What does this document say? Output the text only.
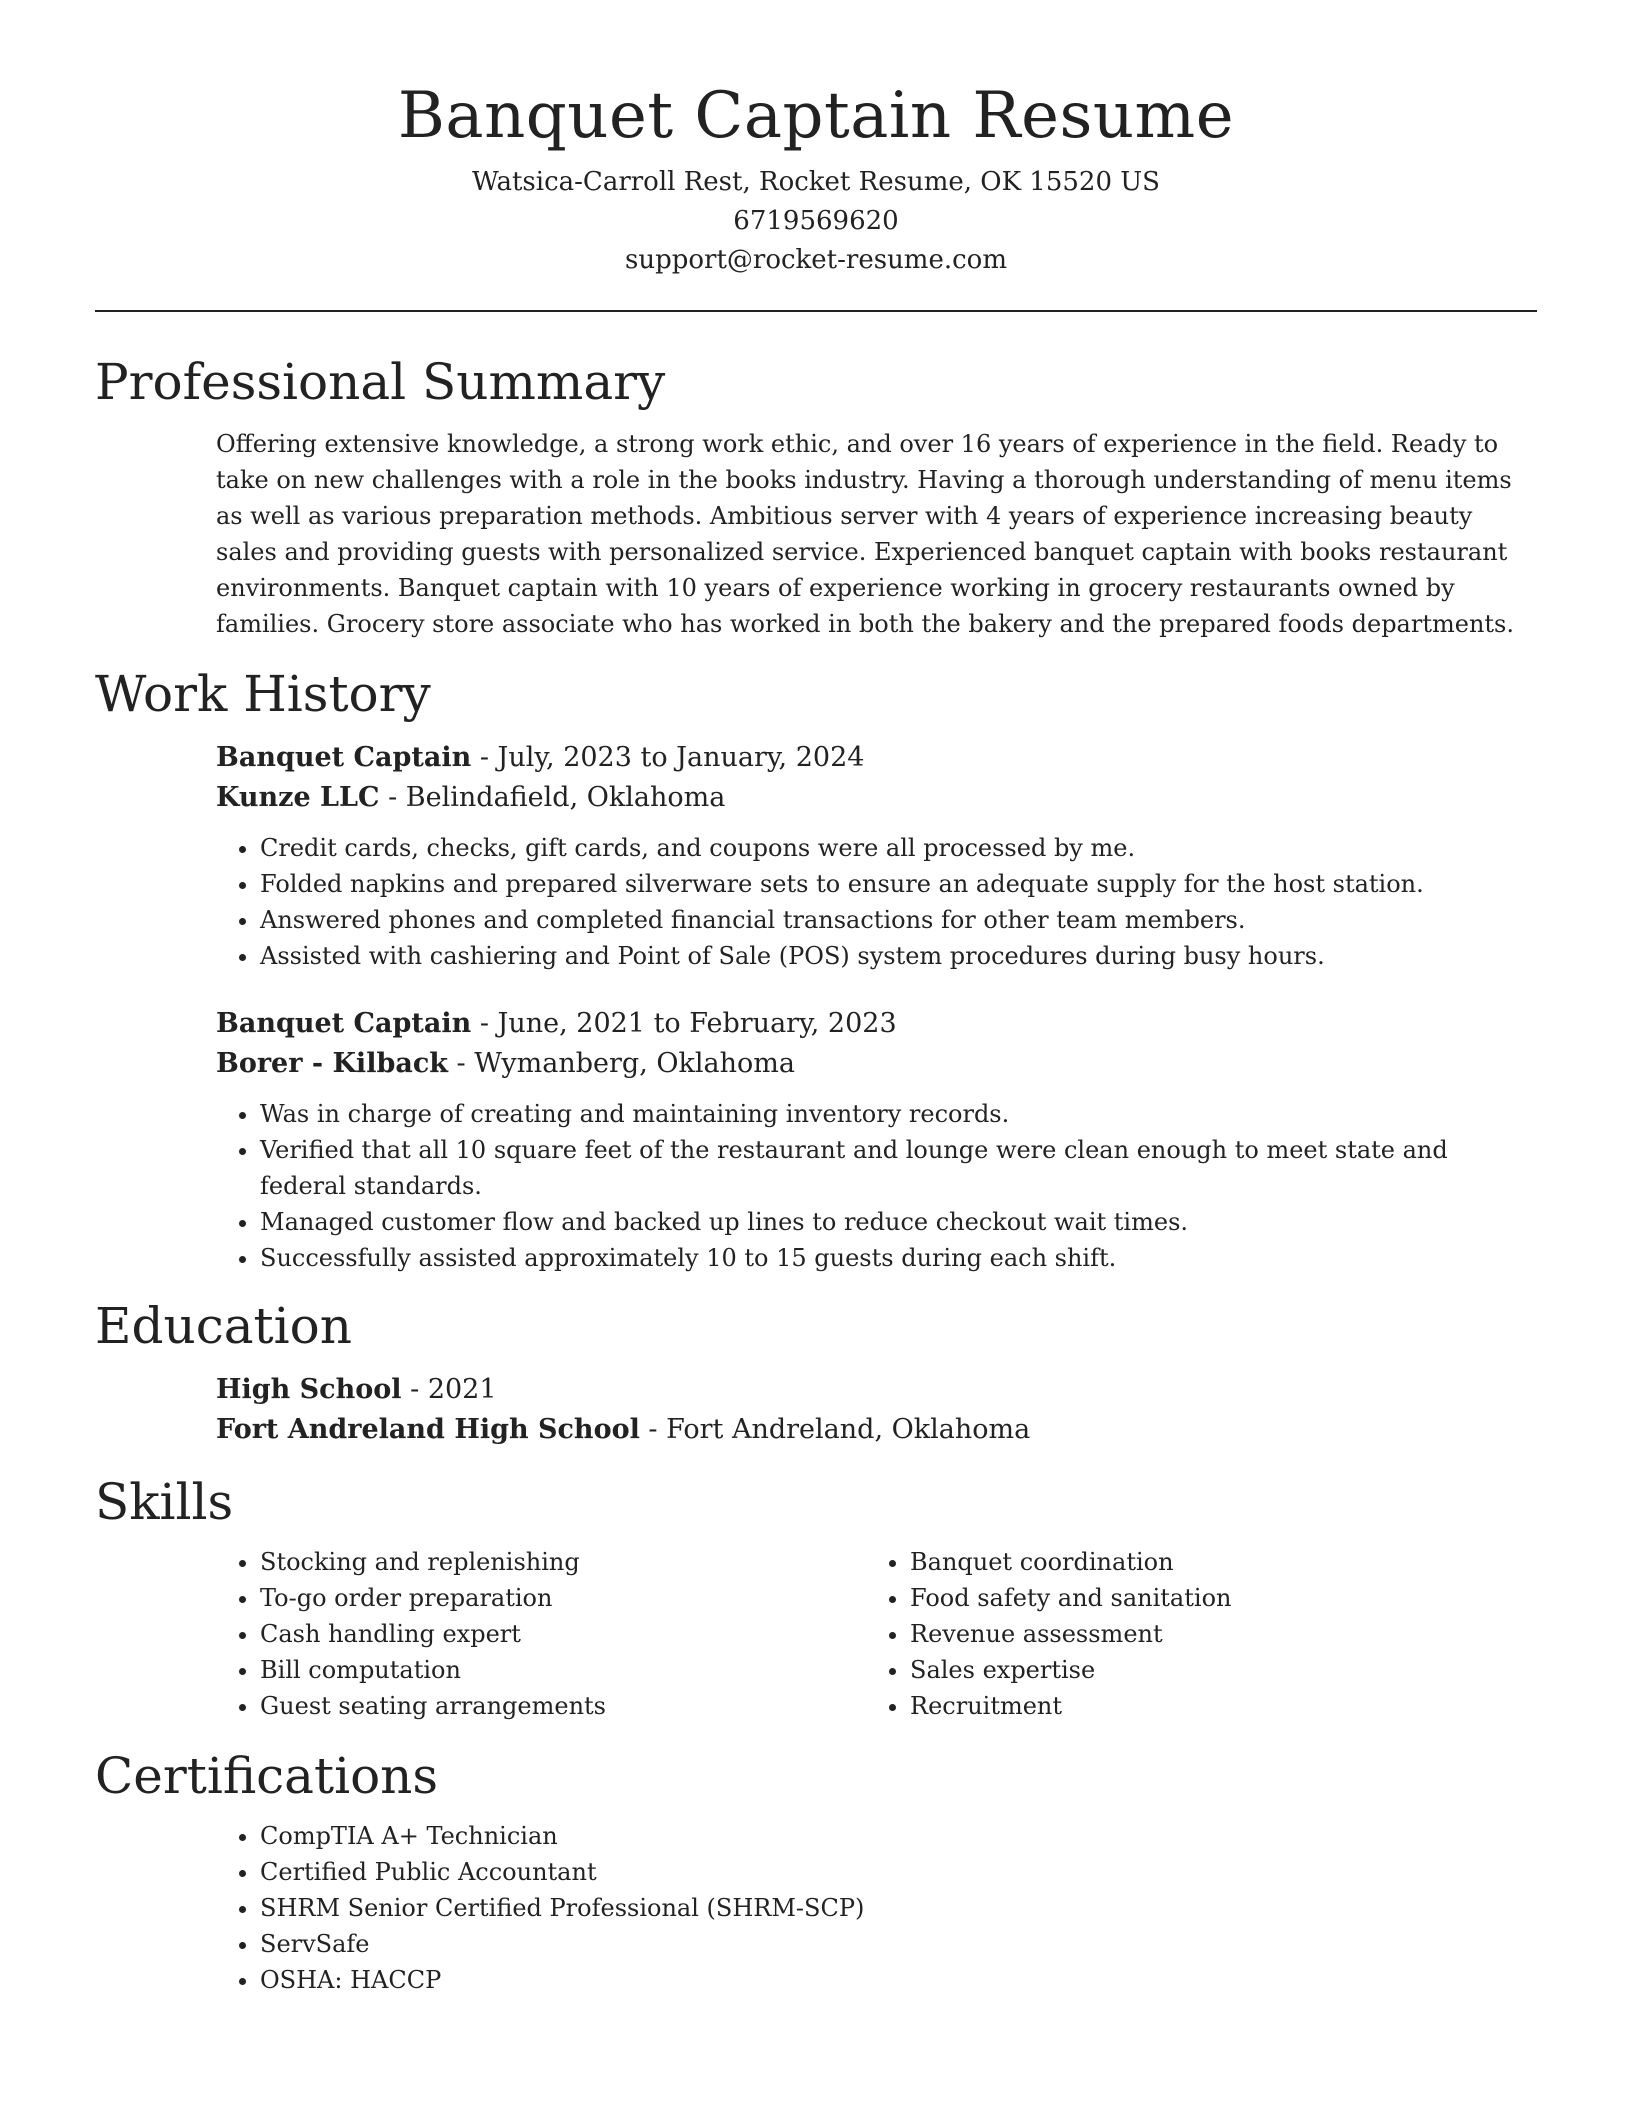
Banquet Captain Resume
Watsica-Carroll Rest, Rocket Resume, OK 15520 US
6719569620
support@rocket-resume.com
Professional Summary
Offering extensive knowledge, a strong work ethic, and over 16 years of experience in the field. Ready to take on new challenges with a role in the books industry. Having a thorough understanding of menu items as well as various preparation methods. Ambitious server with 4 years of experience increasing beauty sales and providing guests with personalized service. Experienced banquet captain with books restaurant environments. Banquet captain with 10 years of experience working in grocery restaurants owned by families. Grocery store associate who has worked in both the bakery and the prepared foods departments.
Work History
Banquet Captain - July, 2023 to January, 2024
Kunze LLC - Belindafield, Oklahoma
• Credit cards, checks, gift cards, and coupons were all processed by me.
• Folded napkins and prepared silverware sets to ensure an adequate supply for the host station.
• Answered phones and completed financial transactions for other team members.
• Assisted with cashiering and Point of Sale (POS) system procedures during busy hours.
Banquet Captain - June, 2021 to February, 2023
Borer - Kilback - Wymanberg, Oklahoma
• Was in charge of creating and maintaining inventory records.
• Verified that all 10 square feet of the restaurant and lounge were clean enough to meet state and federal standards.
• Managed customer flow and backed up lines to reduce checkout wait times.
• Successfully assisted approximately 10 to 15 guests during each shift.
Education
High School - 2021
Fort Andreland High School - Fort Andreland, Oklahoma
Skills
• Stocking and replenishing
• To-go order preparation
• Cash handling expert
• Bill computation
• Guest seating arrangements
• Banquet coordination
• Food safety and sanitation
• Revenue assessment
• Sales expertise
• Recruitment
Certifications
• CompTIA A+ Technician
• Certified Public Accountant
• SHRM Senior Certified Professional (SHRM-SCP)
• ServSafe
• OSHA: HACCP
